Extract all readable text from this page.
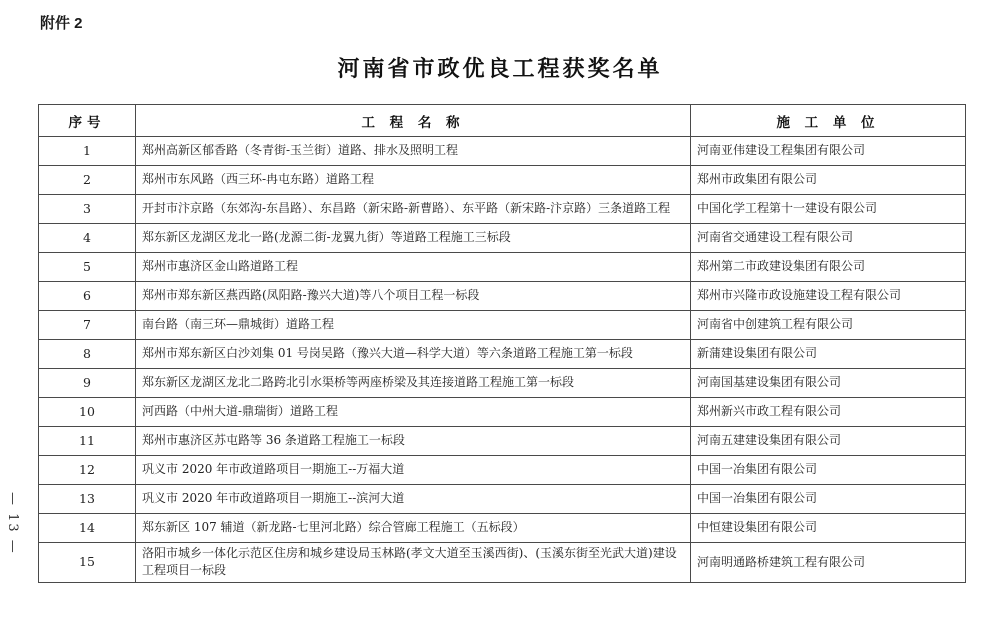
附件 2
河南省市政优良工程获奖名单
序号	工 程 名 称	施 工 单 位
1	郑州高新区郁香路（冬青街-玉兰街）道路、排水及照明工程	河南亚伟建设工程集团有限公司
2	郑州市东风路（西三环-冉屯东路）道路工程	郑州市政集团有限公司
3	开封市汴京路（东郊沟-东昌路）、东昌路（新宋路-新曹路）、东平路（新宋路-汴京路）三条道路工程	中国化学工程第十一建设有限公司
4	郑东新区龙湖区龙北一路(龙源二街-龙翼九街）等道路工程施工三标段	河南省交通建设工程有限公司
5	郑州市惠济区金山路道路工程	郑州第二市政建设集团有限公司
6	郑州市郑东新区燕西路(凤阳路-豫兴大道)等八个项目工程一标段	郑州市兴隆市政设施建设工程有限公司
7	南台路（南三环—鼎城街）道路工程	河南省中创建筑工程有限公司
8	郑州市郑东新区白沙刘集 01 号岗吴路（豫兴大道—科学大道）等六条道路工程施工第一标段	新蒲建设集团有限公司
9	郑东新区龙湖区龙北二路跨北引水渠桥等两座桥梁及其连接道路工程施工第一标段	河南国基建设集团有限公司
10	河西路（中州大道-鼎瑞街）道路工程	郑州新兴市政工程有限公司
11	郑州市惠济区苏屯路等 36 条道路工程施工一标段	河南五建建设集团有限公司
12	巩义市 2020 年市政道路项目一期施工--万福大道	中国一冶集团有限公司
13	巩义市 2020 年市政道路项目一期施工--滨河大道	中国一冶集团有限公司
14	郑东新区 107 辅道（新龙路-七里河北路）综合管廊工程施工（五标段）	中恒建设集团有限公司
15	洛阳市城乡一体化示范区住房和城乡建设局玉林路(孝文大道至玉溪西街)、(玉溪东街至光武大道)建设工程项目一标段	河南明通路桥建筑工程有限公司
— 13 —
